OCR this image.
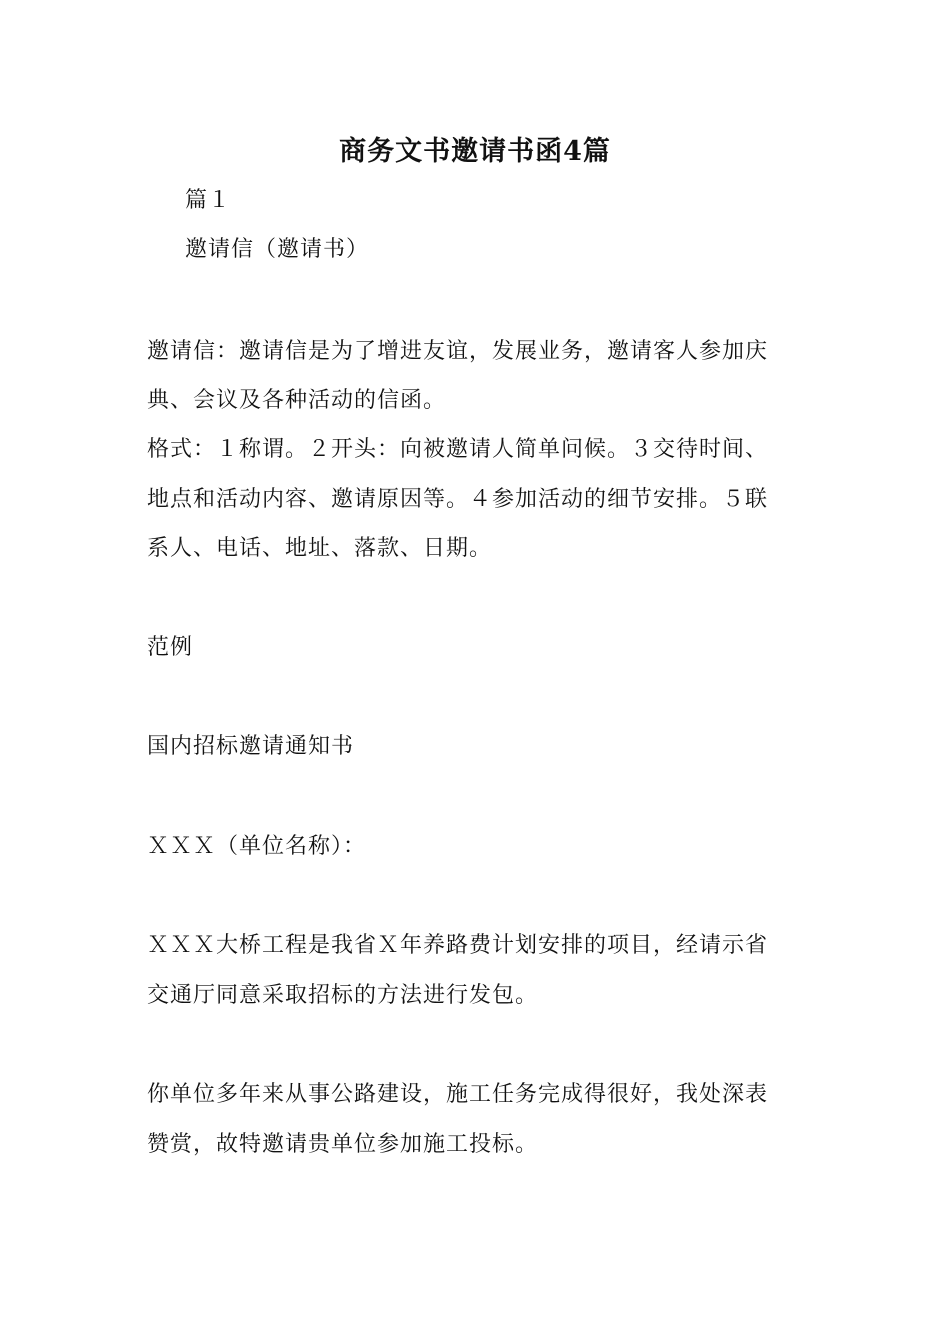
商务文书邀请书函4篇
篇１
邀请信（邀请书）
邀请信：邀请信是为了增进友谊，发展业务，邀请客人参加庆
典、会议及各种活动的信函。
格式：１称谓。２开头：向被邀请人简单问候。３交待时间、
地点和活动内容、邀请原因等。４参加活动的细节安排。５联
系人、电话、地址、落款、日期。
范例
国内招标邀请通知书
ＸＸＸ（单位名称）：
ＸＸＸ大桥工程是我省Ｘ年养路费计划安排的项目，经请示省
交通厅同意采取招标的方法进行发包。
你单位多年来从事公路建设，施工任务完成得很好，我处深表
赞赏，故特邀请贵单位参加施工投标。
